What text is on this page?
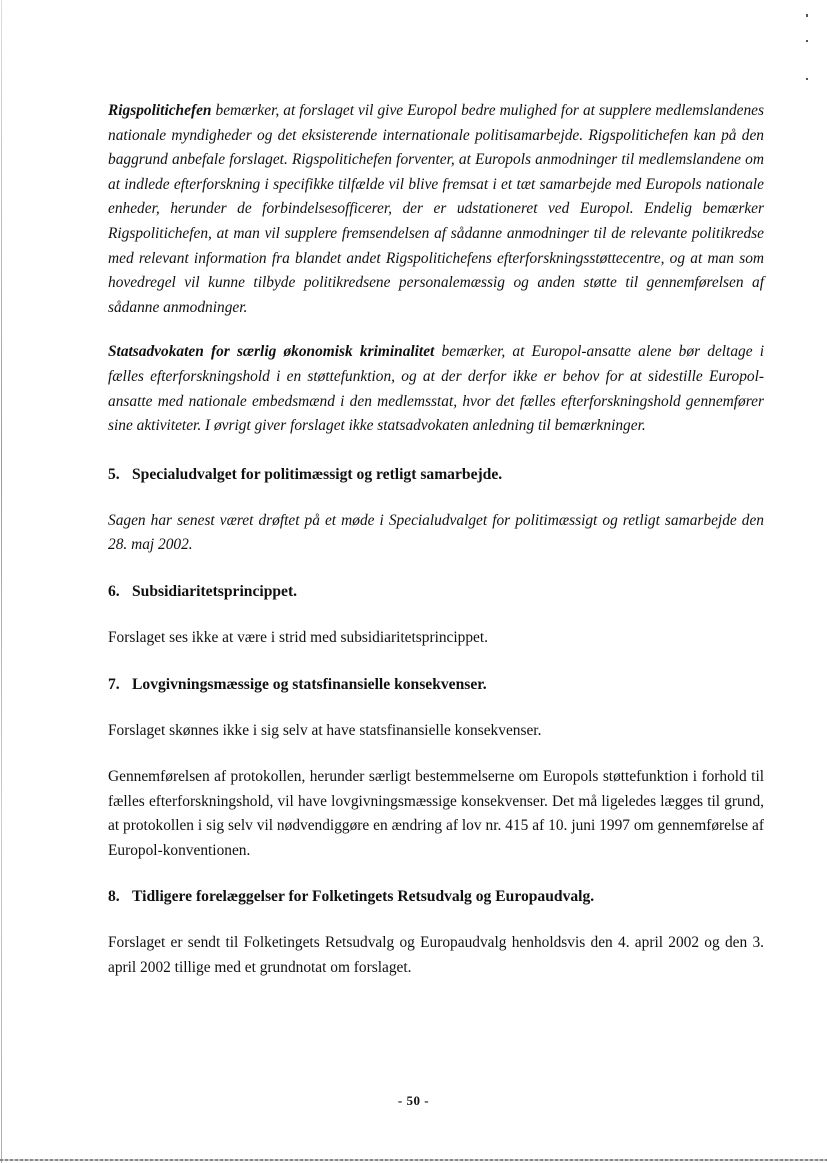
Rigspolitichefen bemærker, at forslaget vil give Europol bedre mulighed for at supplere medlemslandenes nationale myndigheder og det eksisterende internationale politisamarbejde. Rigspolitichefen kan på den baggrund anbefale forslaget. Rigspolitichefen forventer, at Europols anmodninger til medlemslandene om at indlede efterforskning i specifikke tilfælde vil blive fremsat i et tæt samarbejde med Europols nationale enheder, herunder de forbindelsesofficerer, der er udstationeret ved Europol. Endelig bemærker Rigspolitichefen, at man vil supplere fremsendelsen af sådanne anmodninger til de relevante politikredse med relevant information fra blandet andet Rigspolitichefens efterforskningsstøttecentre, og at man som hovedregel vil kunne tilbyde politikredsene personalemæssig og anden støtte til gennemførelsen af sådanne anmodninger.

Statsadvokaten for særlig økonomisk kriminalitet bemærker, at Europol-ansatte alene bør deltage i fælles efterforskningshold i en støttefunktion, og at der derfor ikke er behov for at sidestille Europol-ansatte med nationale embedsmænd i den medlemsstat, hvor det fælles efterforskningshold gennemfører sine aktiviteter. I øvrigt giver forslaget ikke statsadvokaten anledning til bemærkninger.

5. Specialudvalget for politimæssigt og retligt samarbejde.

Sagen har senest været drøftet på et møde i Specialudvalget for politimæssigt og retligt samarbejde den 28. maj 2002.

6. Subsidiaritetsprincippet.

Forslaget ses ikke at være i strid med subsidiaritetsprincippet.

7. Lovgivningsmæssige og statsfinansielle konsekvenser.

Forslaget skønnes ikke i sig selv at have statsfinansielle konsekvenser.

Gennemførelsen af protokollen, herunder særligt bestemmelserne om Europols støttefunktion i forhold til fælles efterforskningshold, vil have lovgivningsmæssige konsekvenser. Det må ligeledes lægges til grund, at protokollen i sig selv vil nødvendiggøre en ændring af lov nr. 415 af 10. juni 1997 om gennemførelse af Europol-konventionen.

8. Tidligere forelæggelser for Folketingets Retsudvalg og Europaudvalg.

Forslaget er sendt til Folketingets Retsudvalg og Europaudvalg henholdsvis den 4. april 2002 og den 3. april 2002 tillige med et grundnotat om forslaget.

- 50 -
